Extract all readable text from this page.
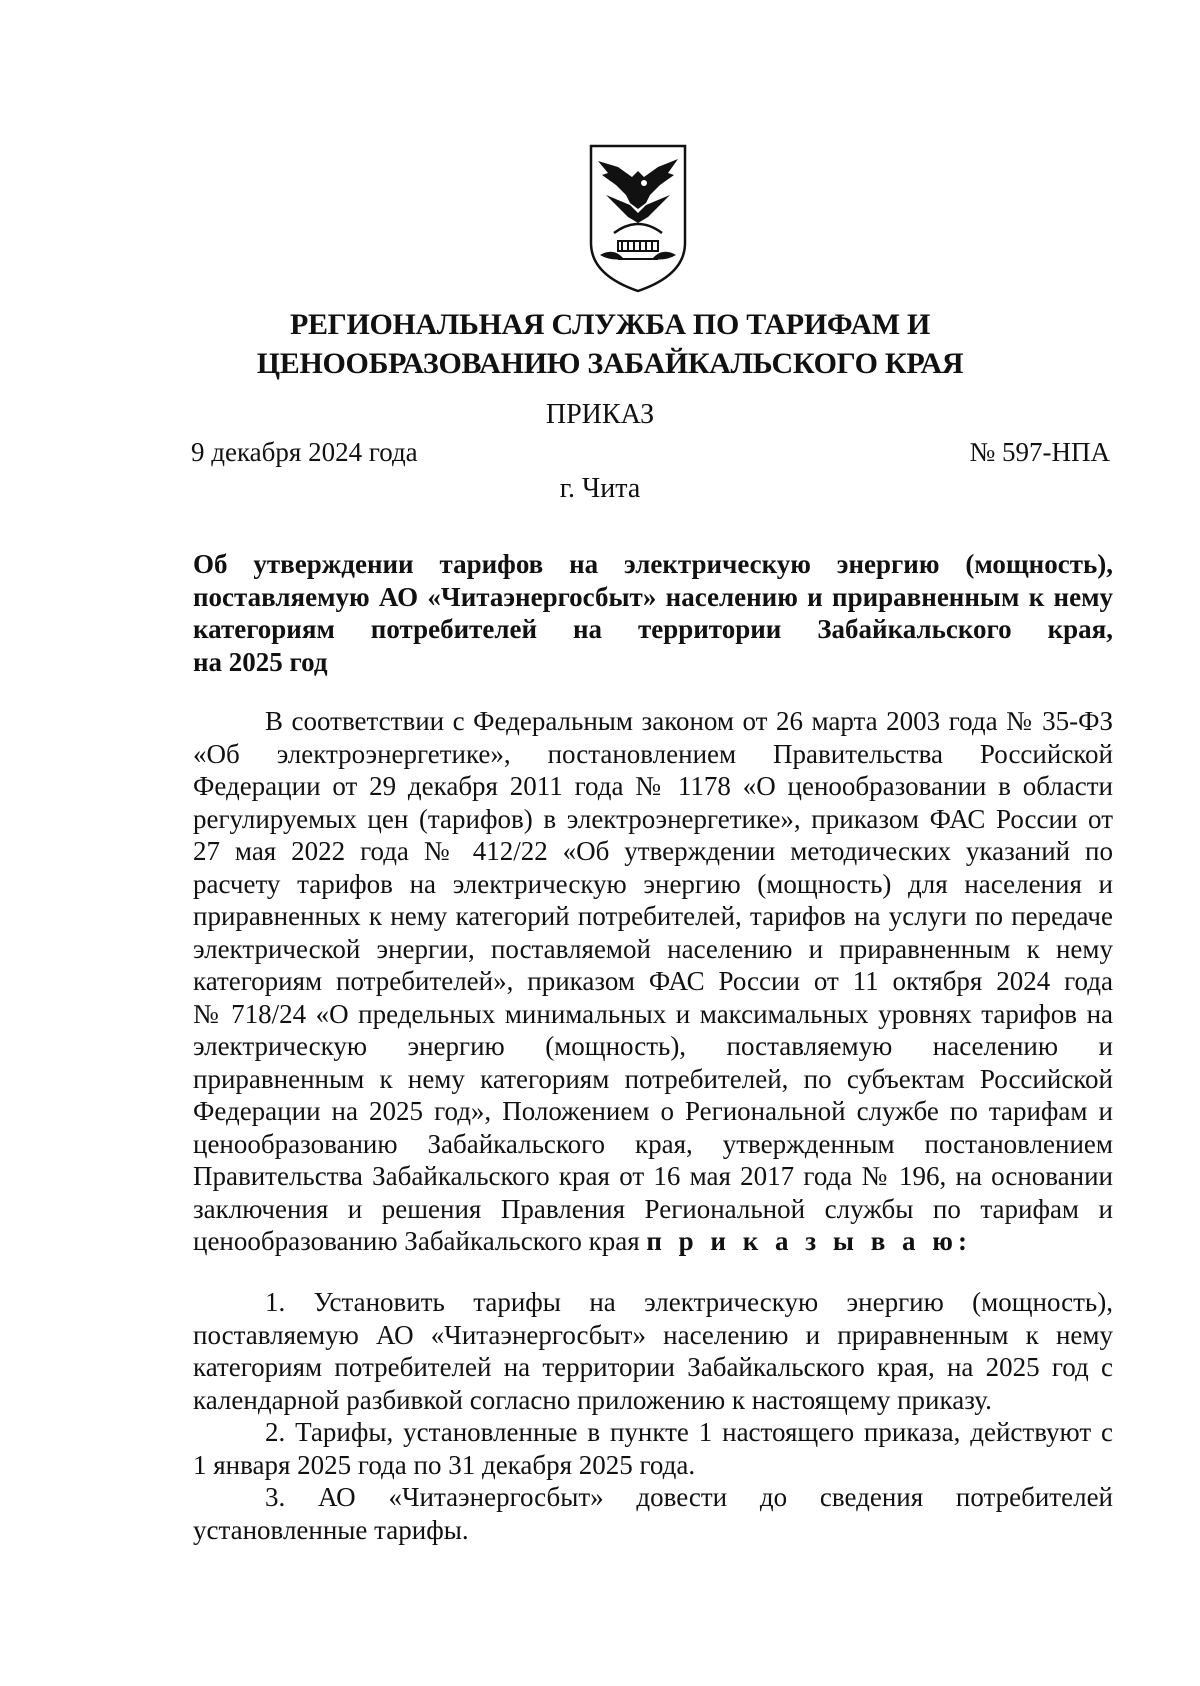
РЕГИОНАЛЬНАЯ СЛУЖБА ПО ТАРИФАМ И
ЦЕНООБРАЗОВАНИЮ ЗАБАЙКАЛЬСКОГО КРАЯ
ПРИКАЗ
9 декабря 2024 года	№ 597-НПА
г. Чита
Об утверждении тарифов на электрическую энергию (мощность),
поставляемую АО «Читаэнергосбыт» населению и приравненным к нему
категориям потребителей на территории Забайкальского края,
на 2025 год
В соответствии с Федеральным законом от 26 марта 2003 года № 35-ФЗ
«Об электроэнергетике», постановлением Правительства Российской
Федерации от 29 декабря 2011 года № 1178 «О ценообразовании в области
регулируемых цен (тарифов) в электроэнергетике», приказом ФАС России от
27 мая 2022 года № 412/22 «Об утверждении методических указаний по
расчету тарифов на электрическую энергию (мощность) для населения и
приравненных к нему категорий потребителей, тарифов на услуги по передаче
электрической энергии, поставляемой населению и приравненным к нему
категориям потребителей», приказом ФАС России от 11 октября 2024 года
№ 718/24 «О предельных минимальных и максимальных уровнях тарифов на
электрическую энергию (мощность), поставляемую населению и
приравненным к нему категориям потребителей, по субъектам Российской
Федерации на 2025 год», Положением о Региональной службе по тарифам и
ценообразованию Забайкальского края, утвержденным постановлением
Правительства Забайкальского края от 16 мая 2017 года № 196, на основании
заключения и решения Правления Региональной службы по тарифам и
ценообразованию Забайкальского края п р и к а з ы в а ю:
1. Установить тарифы на электрическую энергию (мощность),
поставляемую АО «Читаэнергосбыт» населению и приравненным к нему
категориям потребителей на территории Забайкальского края, на 2025 год с
календарной разбивкой согласно приложению к настоящему приказу.
2. Тарифы, установленные в пункте 1 настоящего приказа, действуют с
1 января 2025 года по 31 декабря 2025 года.
3. АО «Читаэнергосбыт» довести до сведения потребителей
установленные тарифы.
